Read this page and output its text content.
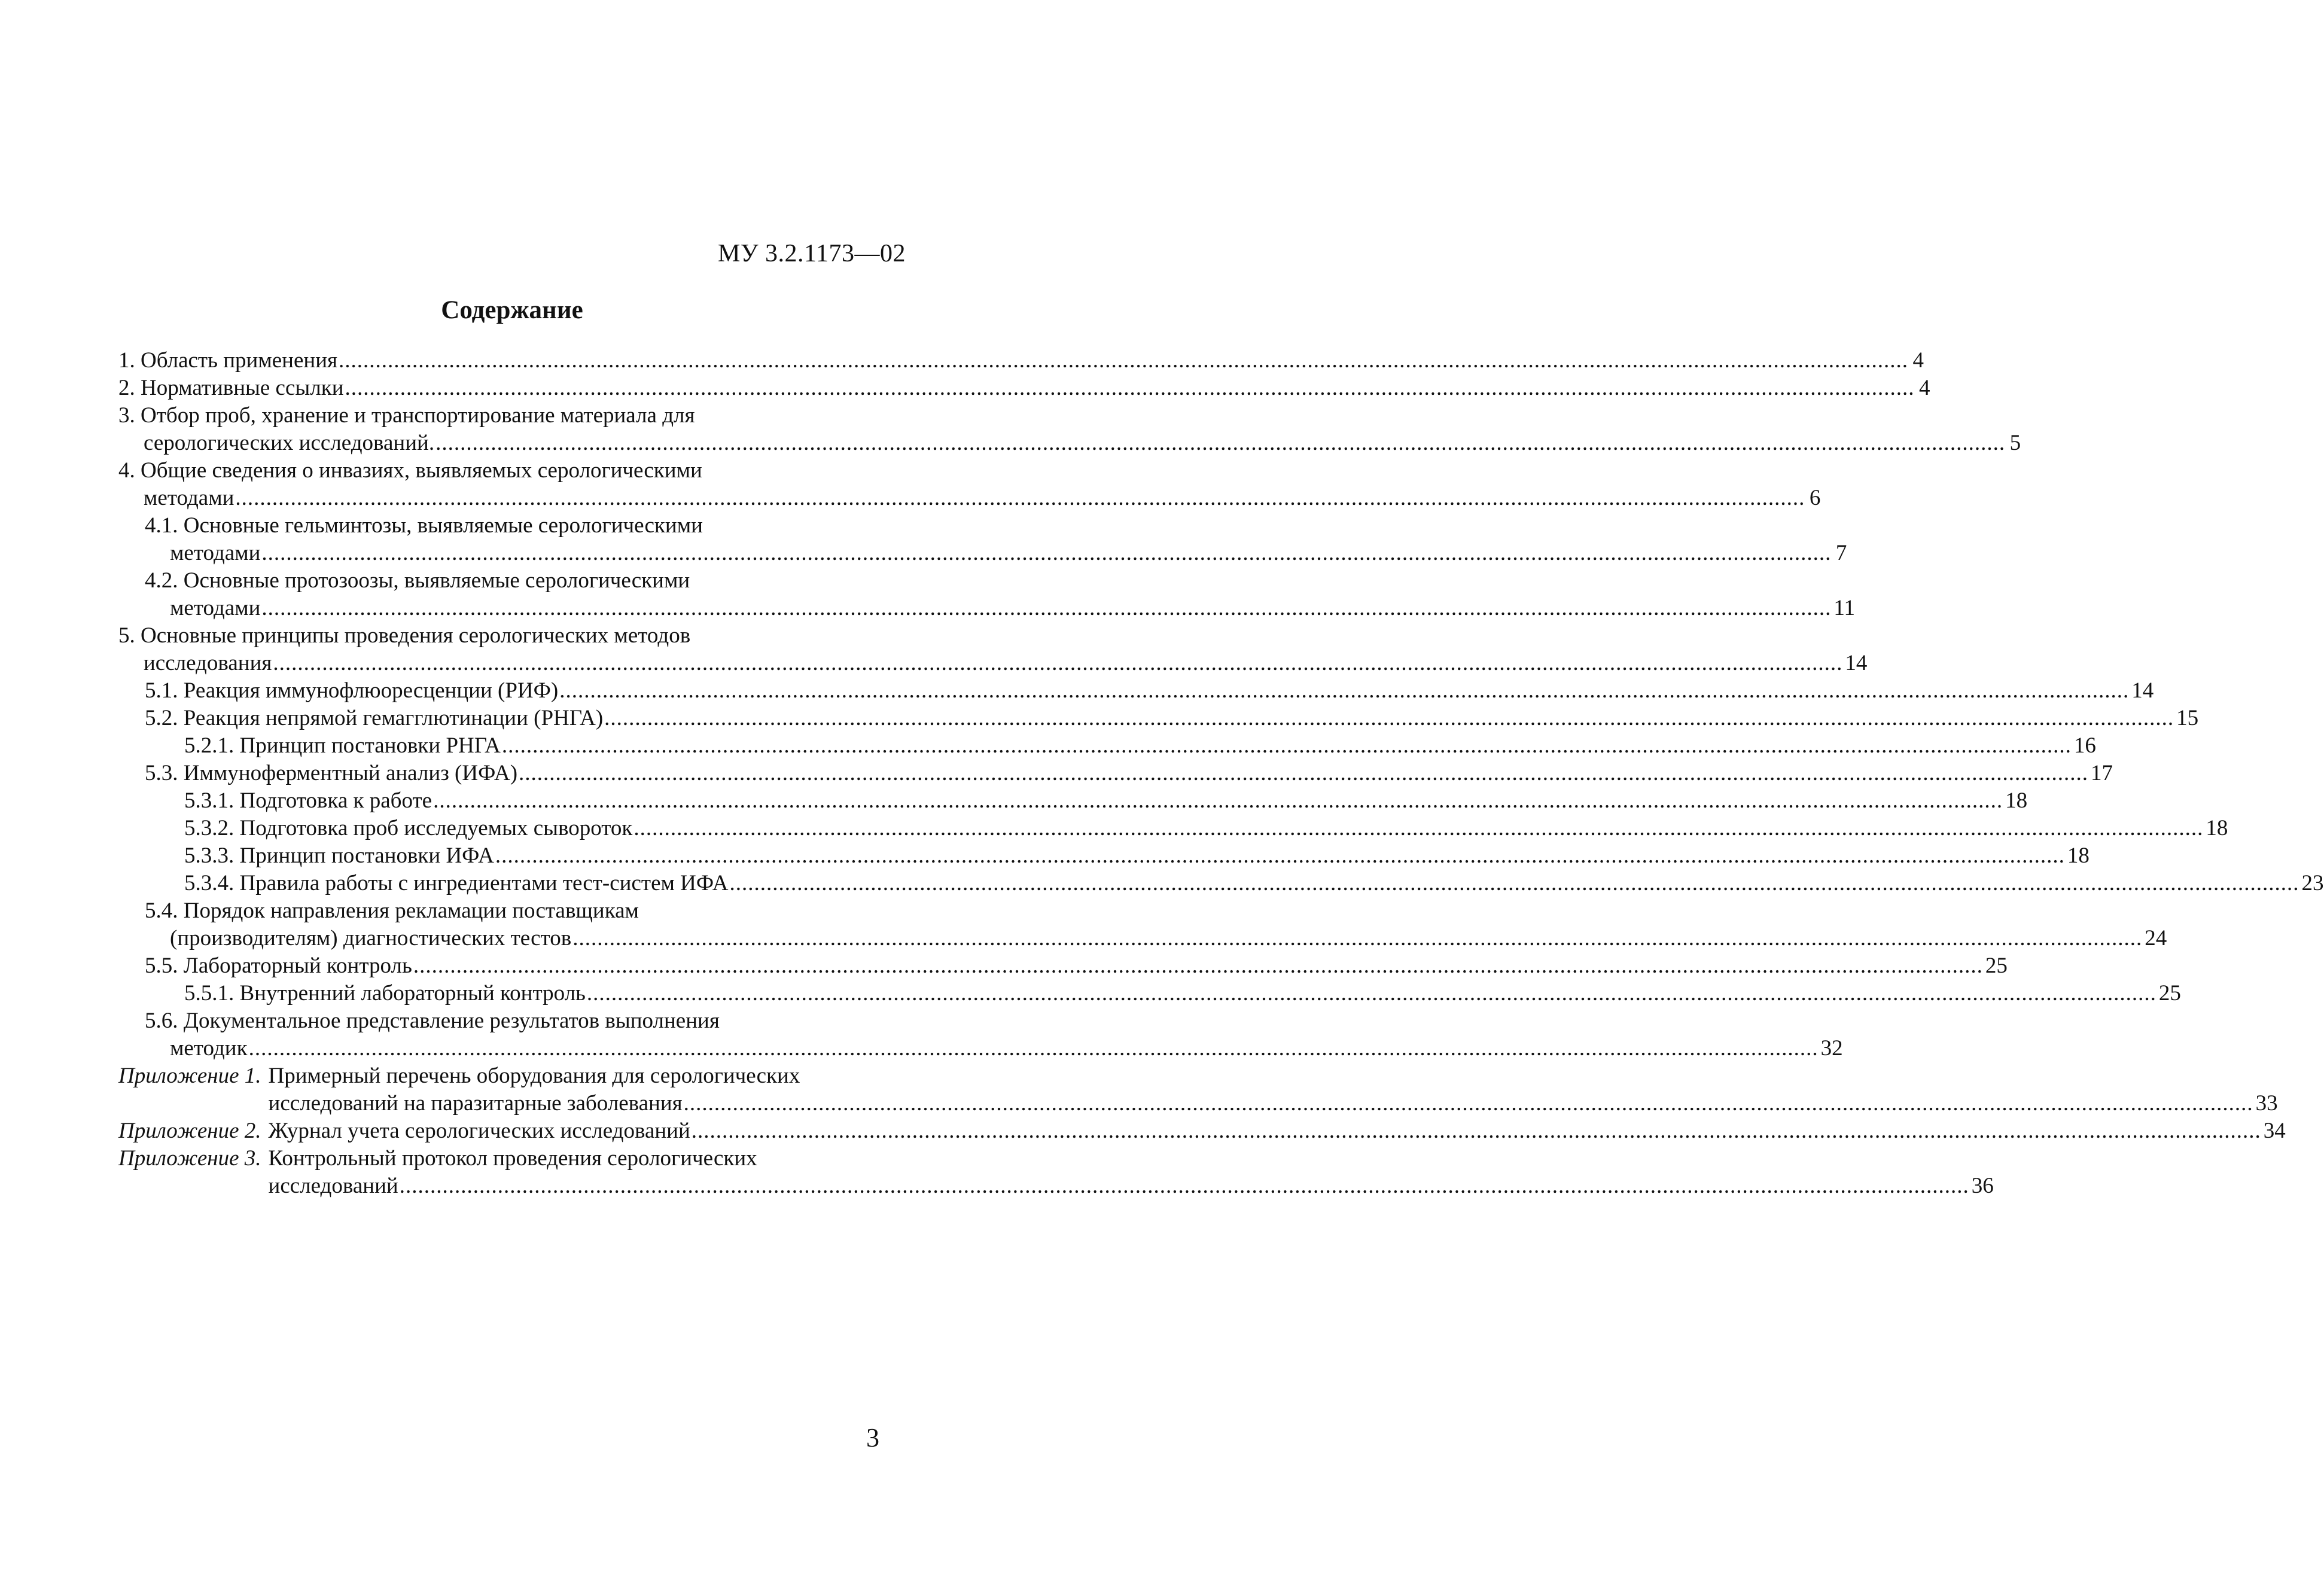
МУ 3.2.1173—02
Содержание
1. Область применения .....	4
2. Нормативные ссылки .....	4
3. Отбор проб, хранение и транспортирование материала для
серологических исследований. .....	5
4. Общие сведения о инвазиях, выявляемых серологическими
методами .....	6
4.1. Основные гельминтозы, выявляемые серологическими
методами .....	7
4.2. Основные протозоозы, выявляемые серологическими
методами .....	11
5. Основные принципы проведения серологических методов
исследования .....	14
5.1. Реакция иммунофлюоресценции (РИФ) .....	14
5.2. Реакция непрямой гемагглютинации (РНГА) .....	15
5.2.1. Принцип постановки РНГА .....	16
5.3. Иммуноферментный анализ (ИФА) .....	17
5.3.1. Подготовка к работе .....	18
5.3.2. Подготовка проб исследуемых сывороток .....	18
5.3.3. Принцип постановки ИФА .....	18
5.3.4. Правила работы с ингредиентами тест-систем ИФА .....	23
5.4. Порядок направления рекламации поставщикам
(производителям) диагностических тестов .....	24
5.5. Лабораторный контроль .....	25
5.5.1. Внутренний лабораторный контроль .....	25
5.6. Документальное представление результатов выполнения
методик .....	32
Приложение 1. Примерный перечень оборудования для серологических
исследований на паразитарные заболевания .....	33
Приложение 2. Журнал учета серологических исследований .....	34
Приложение 3. Контрольный протокол проведения серологических
исследований .....	36
3
